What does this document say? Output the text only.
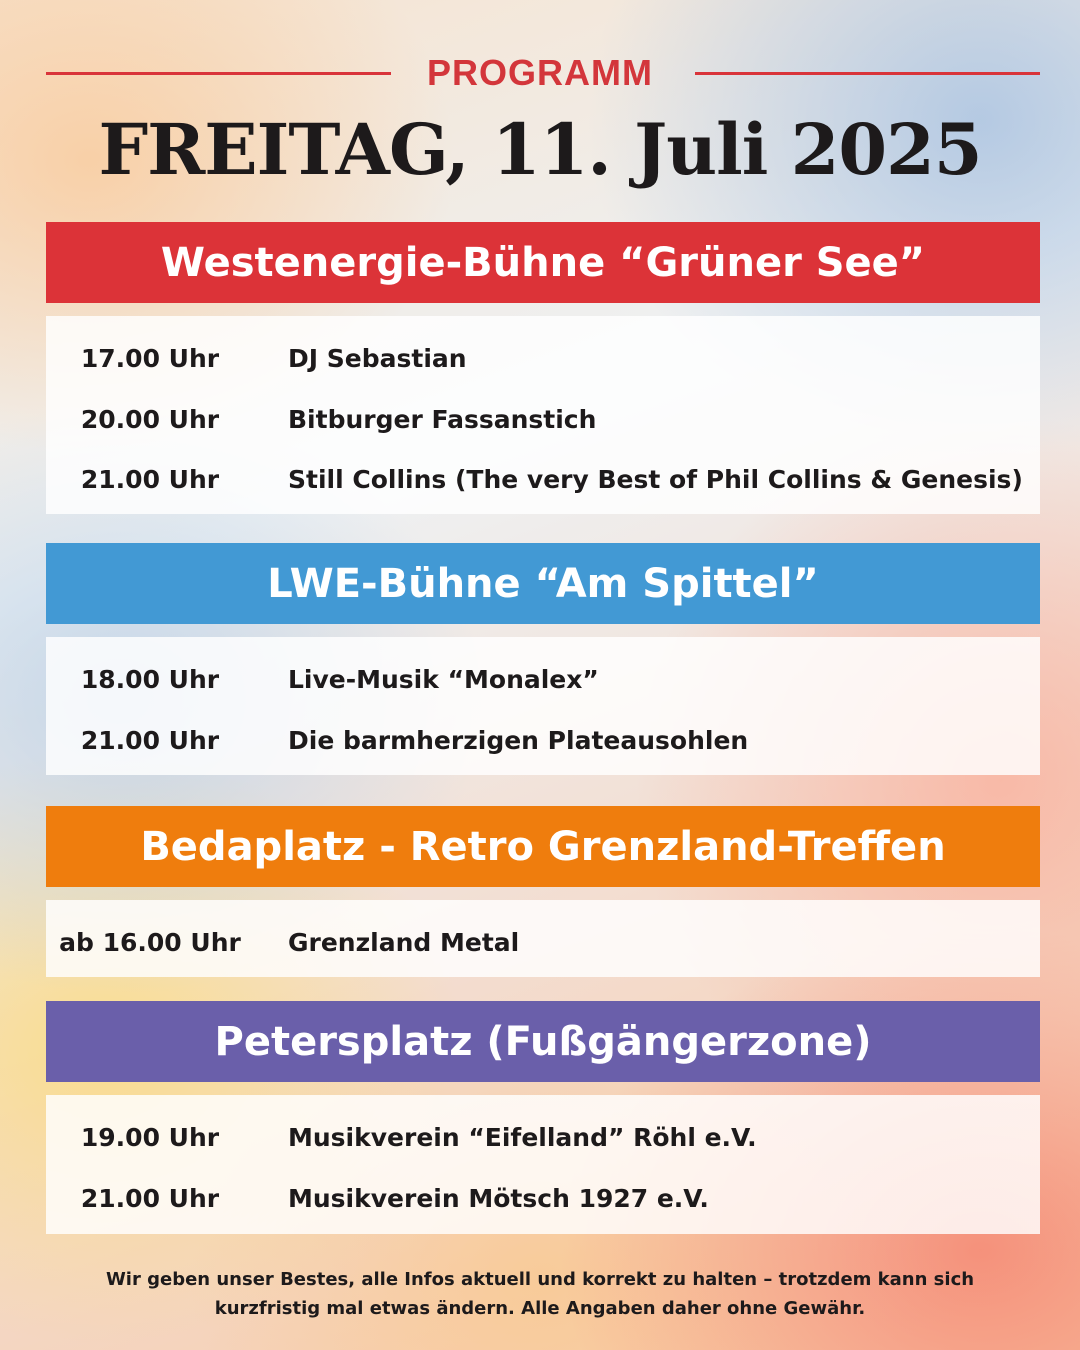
PROGRAMM
FREITAG, 11. Juli 2025
Westenergie-Bühne “Grüner See”
17.00 Uhr	DJ Sebastian
20.00 Uhr	Bitburger Fassanstich
21.00 Uhr	Still Collins (The very Best of Phil Collins & Genesis)
LWE-Bühne “Am Spittel”
18.00 Uhr	Live-Musik “Monalex”
21.00 Uhr	Die barmherzigen Plateausohlen
Bedaplatz - Retro Grenzland-Treffen
ab 16.00 Uhr	Grenzland Metal
Petersplatz (Fußgängerzone)
19.00 Uhr	Musikverein “Eifelland” Röhl e.V.
21.00 Uhr	Musikverein Mötsch 1927 e.V.
Wir geben unser Bestes, alle Infos aktuell und korrekt zu halten – trotzdem kann sich
kurzfristig mal etwas ändern. Alle Angaben daher ohne Gewähr.
